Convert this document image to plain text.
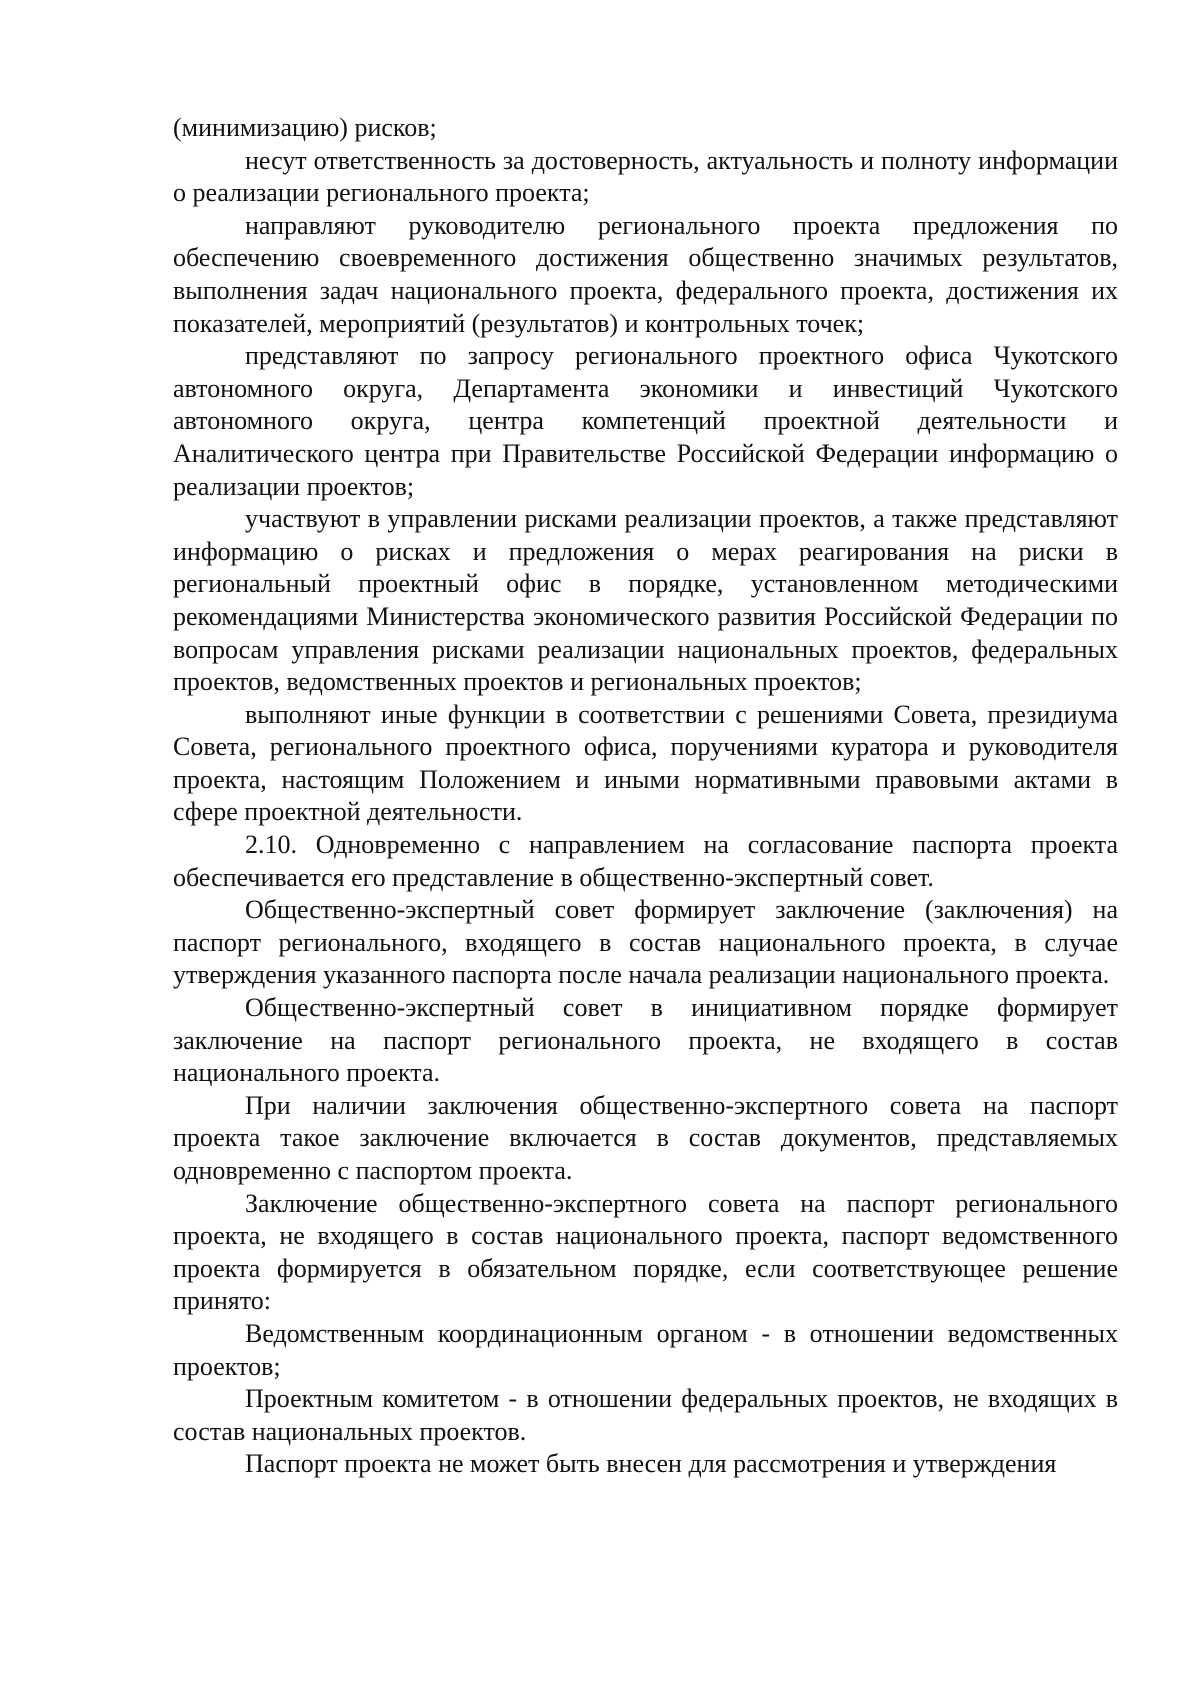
(минимизацию) рисков;

несут ответственность за достоверность, актуальность и полноту информации о реализации регионального проекта;

направляют руководителю регионального проекта предложения по обеспечению своевременного достижения общественно значимых результатов, выполнения задач национального проекта, федерального проекта, достижения их показателей, мероприятий (результатов) и контрольных точек;

представляют по запросу регионального проектного офиса Чукотского автономного округа, Департамента экономики и инвестиций Чукотского автономного округа, центра компетенций проектной деятельности и Аналитического центра при Правительстве Российской Федерации информацию о реализации проектов;

участвуют в управлении рисками реализации проектов, а также представляют информацию о рисках и предложения о мерах реагирования на риски в региональный проектный офис в порядке, установленном методическими рекомендациями Министерства экономического развития Российской Федерации по вопросам управления рисками реализации национальных проектов, федеральных проектов, ведомственных проектов и региональных проектов;

выполняют иные функции в соответствии с решениями Совета, президиума Совета, регионального проектного офиса, поручениями куратора и руководителя проекта, настоящим Положением и иными нормативными правовыми актами в сфере проектной деятельности.

2.10. Одновременно с направлением на согласование паспорта проекта обеспечивается его представление в общественно-экспертный совет.

Общественно-экспертный совет формирует заключение (заключения) на паспорт регионального, входящего в состав национального проекта, в случае утверждения указанного паспорта после начала реализации национального проекта.

Общественно-экспертный совет в инициативном порядке формирует заключение на паспорт регионального проекта, не входящего в состав национального проекта.

При наличии заключения общественно-экспертного совета на паспорт проекта такое заключение включается в состав документов, представляемых одновременно с паспортом проекта.

Заключение общественно-экспертного совета на паспорт регионального проекта, не входящего в состав национального проекта, паспорт ведомственного проекта формируется в обязательном порядке, если соответствующее решение принято:

Ведомственным координационным органом - в отношении ведомственных проектов;

Проектным комитетом - в отношении федеральных проектов, не входящих в состав национальных проектов.

Паспорт проекта не может быть внесен для рассмотрения и утверждения
